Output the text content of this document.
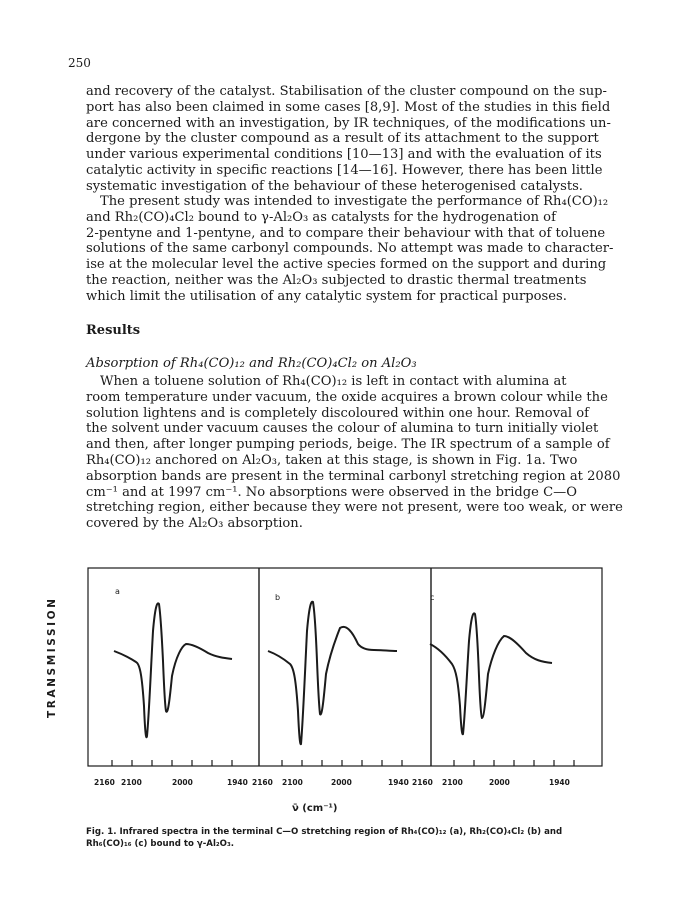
250
and recovery of the catalyst. Stabilisation of the cluster compound on the sup-
port has also been claimed in some cases [8,9]. Most of the studies in this field
are concerned with an investigation, by IR techniques, of the modifications un-
dergone by the cluster compound as a result of its attachment to the support
under various experimental conditions [10—13] and with the evaluation of its
catalytic activity in specific reactions [14—16]. However, there has been little
systematic investigation of the behaviour of these heterogenised catalysts.
The present study was intended to investigate the performance of Rh₄(CO)₁₂
and Rh₂(CO)₄Cl₂ bound to γ-Al₂O₃ as catalysts for the hydrogenation of
2-pentyne and 1-pentyne, and to compare their behaviour with that of toluene
solutions of the same carbonyl compounds. No attempt was made to character-
ise at the molecular level the active species formed on the support and during
the reaction, neither was the Al₂O₃ subjected to drastic thermal treatments
which limit the utilisation of any catalytic system for practical purposes.
Results

Absorption of Rh₄(CO)₁₂ and Rh₂(CO)₄Cl₂ on Al₂O₃

When a toluene solution of Rh₄(CO)₁₂ is left in contact with alumina at
room temperature under vacuum, the oxide acquires a brown colour while the
solution lightens and is completely discoloured within one hour. Removal of
the solvent under vacuum causes the colour of alumina to turn initially violet
and then, after longer pumping periods, beige. The IR spectrum of a sample of
Rh₄(CO)₁₂ anchored on Al₂O₃, taken at this stage, is shown in Fig. 1a. Two
absorption bands are present in the terminal carbonyl stretching region at 2080
cm⁻¹ and at 1997 cm⁻¹. No absorptions were observed in the bridge C—O
stretching region, either because they were not present, were too weak, or were
covered by the Al₂O₃ absorption.
a
b	c
TRANSMISSION
2160 2100	2000	1940 2160 2100	2000	1940 2160 2100	2000	1940
ν̄ (cm⁻¹)

Fig. 1. Infrared spectra in the terminal C—O stretching region of Rh₄(CO)₁₂ (a), Rh₂(CO)₄Cl₂ (b) and
Rh₆(CO)₁₆ (c) bound to γ-Al₂O₃.
